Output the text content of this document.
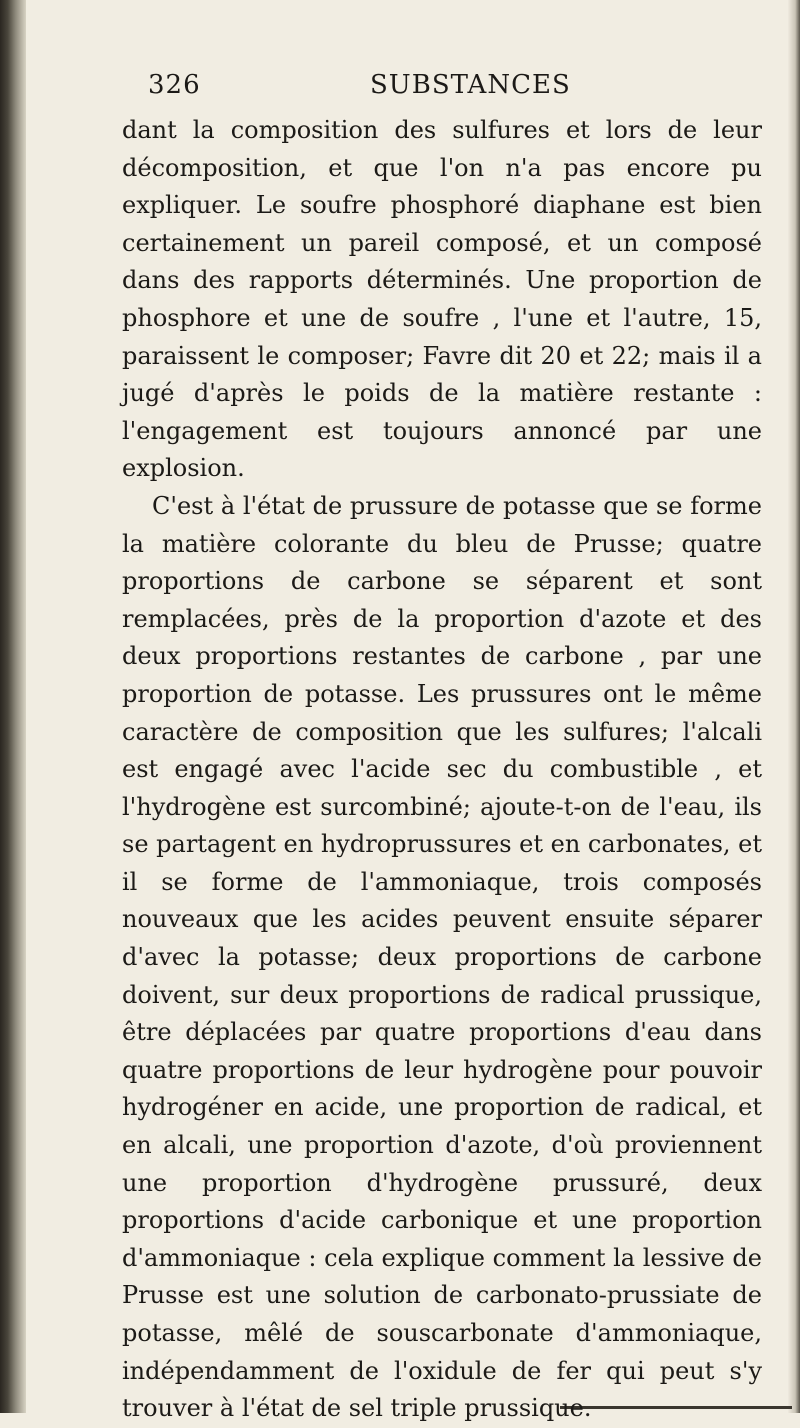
326	SUBSTANCES

dant la composition des sulfures et lors de leur décomposition, et que l'on n'a pas encore pu expliquer. Le soufre phosphoré diaphane est bien certainement un pareil composé, et un composé dans des rapports déterminés. Une proportion de phosphore et une de soufre , l'une et l'autre, 15, paraissent le composer; Favre dit 20 et 22; mais il a jugé d'après le poids de la matière restante : l'engagement est toujours annoncé par une explosion.

C'est à l'état de prussure de potasse que se forme la matière colorante du bleu de Prusse; quatre proportions de carbone se séparent et sont remplacées, près de la proportion d'azote et des deux proportions restantes de carbone , par une proportion de potasse. Les prussures ont le même caractère de composition que les sulfures; l'alcali est engagé avec l'acide sec du combustible , et l'hydrogène est surcombiné; ajoute-t-on de l'eau, ils se partagent en hydroprussures et en carbonates, et il se forme de l'ammoniaque, trois composés nouveaux que les acides peuvent ensuite séparer d'avec la potasse; deux proportions de carbone doivent, sur deux proportions de radical prussique, être déplacées par quatre proportions d'eau dans quatre proportions de leur hydrogène pour pouvoir hydrogéner en acide, une proportion de radical, et en alcali, une proportion d'azote, d'où proviennent une proportion d'hydrogène prussuré, deux proportions d'acide carbonique et une proportion d'ammoniaque : cela explique comment la lessive de Prusse est une solution de carbonato-prussiate de potasse, mêlé de souscarbonate d'ammoniaque, indépendamment de l'oxidule de fer qui peut s'y trouver à l'état de sel triple prussique.
